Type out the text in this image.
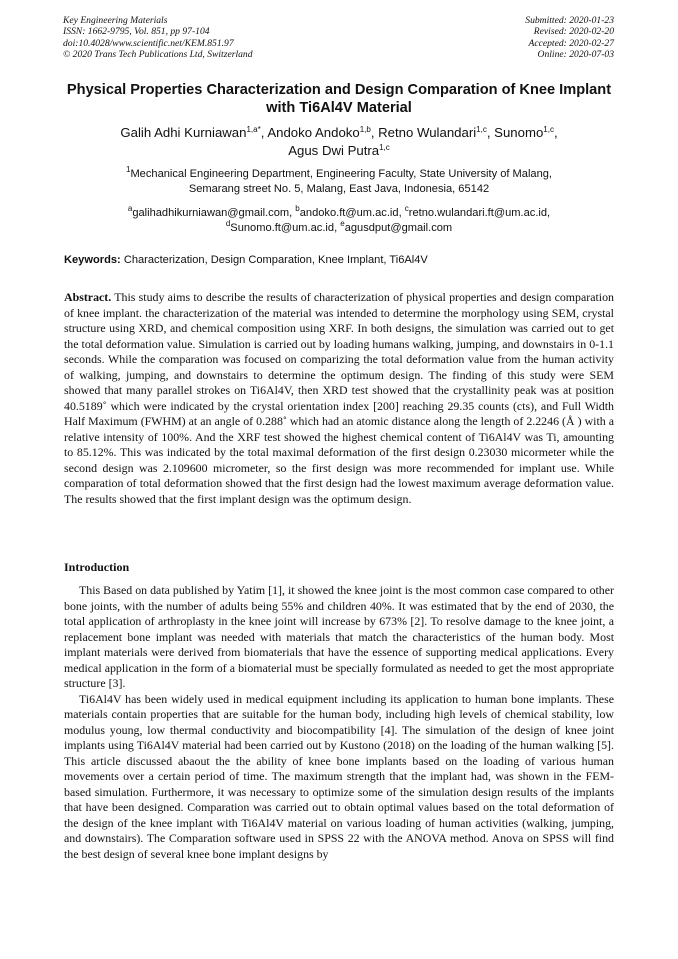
Key Engineering Materials
ISSN: 1662-9795, Vol. 851, pp 97-104
doi:10.4028/www.scientific.net/KEM.851.97
© 2020 Trans Tech Publications Ltd, Switzerland
Submitted: 2020-01-23
Revised: 2020-02-20
Accepted: 2020-02-27
Online: 2020-07-03
Physical Properties Characterization and Design Comparation of Knee Implant with Ti6Al4V Material
Galih Adhi Kurniawan$^{1,a*}$, Andoko Andoko$^{1,b}$, Retno Wulandari$^{1,c}$, Sunomo$^{1,c}$,
Agus Dwi Putra$^{1,c}$
$^1$Mechanical Engineering Department, Engineering Faculty, State University of Malang,
Semarang street No. 5, Malang, East Java, Indonesia, 65142
$^a$galihadhikurniawan@gmail.com, $^b$andoko.ft@um.ac.id, $^c$retno.wulandari.ft@um.ac.id,
$^d$Sunomo.ft@um.ac.id, $^e$agusdput@gmail.com
Keywords: Characterization, Design Comparation, Knee Implant, Ti6Al4V
Abstract. This study aims to describe the results of characterization of physical properties and design comparation of knee implant. the characterization of the material was intended to determine the morphology using SEM, crystal structure using XRD, and chemical composition using XRF. In both designs, the simulation was carried out to get the total deformation value. Simulation is carried out by loading humans walking, jumping, and downstairs in 0-1.1 seconds. While the comparation was focused on comparizing the total deformation value from the human activity of walking, jumping, and downstairs to determine the optimum design. The finding of this study were SEM showed that many parallel strokes on Ti6Al4V, then XRD test showed that the crystallinity peak was at position 40.5189˚ which were indicated by the crystal orientation index [200] reaching 29.35 counts (cts), and Full Width Half Maximum (FWHM) at an angle of 0.288˚ which had an atomic distance along the length of 2.2246 (Å ) with a relative intensity of 100%. And the XRF test showed the highest chemical content of Ti6Al4V was Ti, amounting to 85.12%. This was indicated by the total maximal deformation of the first design 0.23030 micormeter while the second design was 2.109600 micrometer, so the first design was more recommended for implant use. While comparation of total deformation showed that the first design had the lowest maximum average deformation value. The results showed that the first implant design was the optimum design.
Introduction

This Based on data published by Yatim [1], it showed the knee joint is the most common case compared to other bone joints, with the number of adults being 55% and children 40%. It was estimated that by the end of 2030, the total application of arthroplasty in the knee joint will increase by 673% [2]. To resolve damage to the knee joint, a replacement bone implant was needed with materials that match the characteristics of the human body. Most implant materials were derived from biomaterials that have the essence of supporting medical applications. Every medical application in the form of a biomaterial must be specially formulated as needed to get the most appropriate structure [3].

Ti6Al4V has been widely used in medical equipment including its application to human bone implants. These materials contain properties that are suitable for the human body, including high levels of chemical stability, low modulus young, low thermal conductivity and biocompatibility [4]. The simulation of the design of knee joint implants using Ti6Al4V material had been carried out by Kustono (2018) on the loading of the human walking [5]. This article discussed abaout the the ability of knee bone implants based on the loading of various human movements over a certain period of time. The maximum strength that the implant had, was shown in the FEM-based simulation. Furthermore, it was necessary to optimize some of the simulation design results of the implants that have been designed. Comparation was carried out to obtain optimal values based on the total deformation of the design of the knee implant with Ti6Al4V material on various loading of human activities (walking, jumping, and downstairs). The Comparation software used in SPSS 22 with the ANOVA method. Anova on SPSS will find the best design of several knee bone implant designs by
